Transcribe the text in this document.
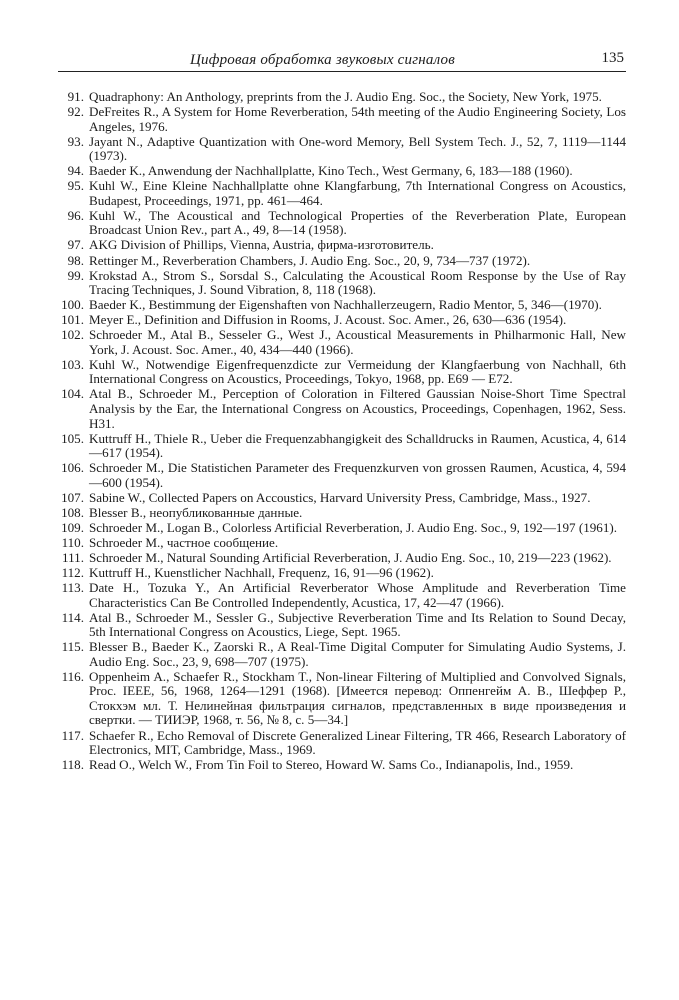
Цифровая обработка звуковых сигналов	135
91. Quadraphony: An Anthology, preprints from the J. Audio Eng. Soc., the Society, New York, 1975.
92. DeFreites R., A System for Home Reverberation, 54th meeting of the Audio Engineering Society, Los Angeles, 1976.
93. Jayant N., Adaptive Quantization with One-word Memory, Bell System Tech. J., 52, 7, 1119—1144 (1973).
94. Baeder K., Anwendung der Nachhallplatte, Kino Tech., West Germany, 6, 183—188 (1960).
95. Kuhl W., Eine Kleine Nachhallplatte ohne Klangfarbung, 7th International Congress on Acoustics, Budapest, Proceedings, 1971, pp. 461—464.
96. Kuhl W., The Acoustical and Technological Properties of the Reverberation Plate, European Broadcast Union Rev., part A., 49, 8—14 (1958).
97. AKG Division of Phillips, Vienna, Austria, фирма-изготовитель.
98. Rettinger M., Reverberation Chambers, J. Audio Eng. Soc., 20, 9, 734—737 (1972).
99. Krokstad A., Strom S., Sorsdal S., Calculating the Acoustical Room Response by the Use of Ray Tracing Techniques, J. Sound Vibration, 8, 118 (1968).
100. Baeder K., Bestimmung der Eigenshaften von Nachhallerzeugern, Radio Mentor, 5, 346—(1970).
101. Meyer E., Definition and Diffusion in Rooms, J. Acoust. Soc. Amer., 26, 630—636 (1954).
102. Schroeder M., Atal B., Sesseler G., West J., Acoustical Measurements in Philharmonic Hall, New York, J. Acoust. Soc. Amer., 40, 434—440 (1966).
103. Kuhl W., Notwendige Eigenfrequenzdicte zur Vermeidung der Klangfaerbung von Nachhall, 6th International Congress on Acoustics, Proceedings, Tokyo, 1968, pp. E69 — E72.
104. Atal B., Schroeder M., Perception of Coloration in Filtered Gaussian Noise-Short Time Spectral Analysis by the Ear, the International Congress on Acoustics, Proceedings, Copenhagen, 1962, Sess. H31.
105. Kuttruff H., Thiele R., Ueber die Frequenzabhangigkeit des Schalldrucks in Raumen, Acustica, 4, 614—617 (1954).
106. Schroeder M., Die Statistichen Parameter des Frequenzkurven von grossen Raumen, Acustica, 4, 594—600 (1954).
107. Sabine W., Collected Papers on Accoustics, Harvard University Press, Cambridge, Mass., 1927.
108. Blesser B., неопубликованные данные.
109. Schroeder M., Logan B., Colorless Artificial Reverberation, J. Audio Eng. Soc., 9, 192—197 (1961).
110. Schroeder M., частное сообщение.
111. Schroeder M., Natural Sounding Artificial Reverberation, J. Audio Eng. Soc., 10, 219—223 (1962).
112. Kuttruff H., Kuenstlicher Nachhall, Frequenz, 16, 91—96 (1962).
113. Date H., Tozuka Y., An Artificial Reverberator Whose Amplitude and Reverberation Time Characteristics Can Be Controlled Independently, Acustica, 17, 42—47 (1966).
114. Atal B., Schroeder M., Sessler G., Subjective Reverberation Time and Its Relation to Sound Decay, 5th International Congress on Acoustics, Liege, Sept. 1965.
115. Blesser B., Baeder K., Zaorski R., A Real-Time Digital Computer for Simulating Audio Systems, J. Audio Eng. Soc., 23, 9, 698—707 (1975).
116. Oppenheim A., Schaefer R., Stockham T., Non-linear Filtering of Multiplied and Convolved Signals, Proc. IEEE, 56, 1968, 1264—1291 (1968). [Имеется перевод: Оппенгейм А. В., Шеффер Р., Стокхэм мл. Т. Нелинейная фильтрация сигналов, представленных в виде произведения и свертки. — ТИИЭР, 1968, т. 56, № 8, с. 5—34.]
117. Schaefer R., Echo Removal of Discrete Generalized Linear Filtering, TR 466, Research Laboratory of Electronics, MIT, Cambridge, Mass., 1969.
118. Read O., Welch W., From Tin Foil to Stereo, Howard W. Sams Co., Indianapolis, Ind., 1959.
